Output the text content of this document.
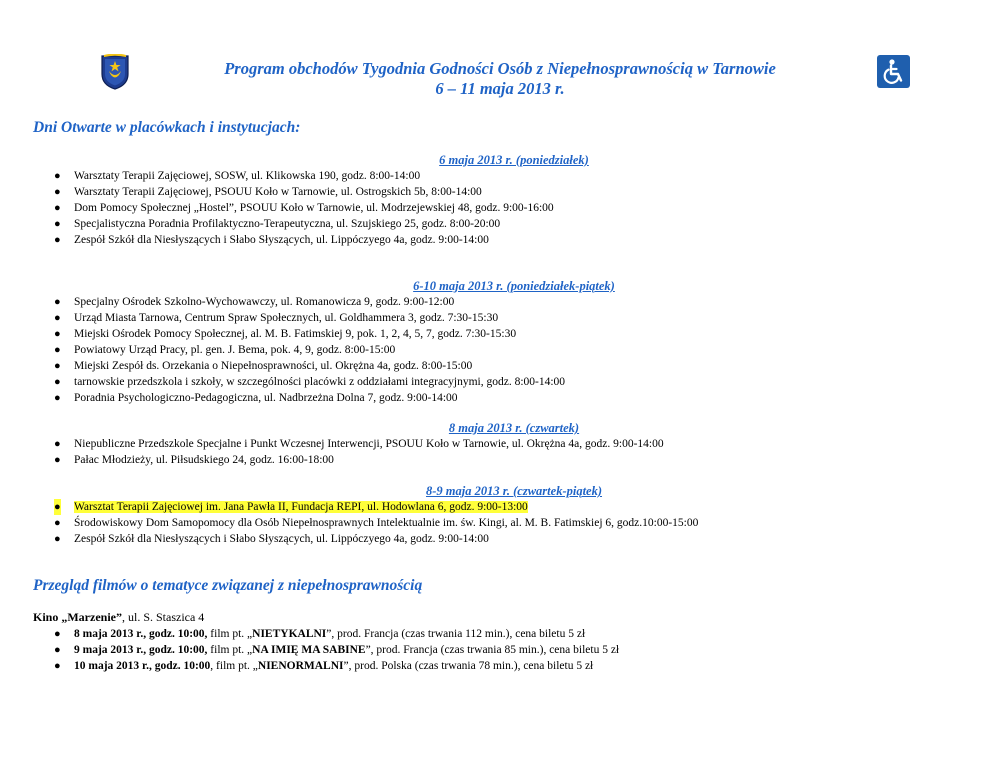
Program obchodów Tygodnia Godności Osób z Niepełnosprawnością w Tarnowie
6 – 11 maja 2013 r.
Dni Otwarte w placówkach i instytucjach:
6 maja 2013 r. (poniedziałek)
● Warsztaty Terapii Zajęciowej, SOSW, ul. Klikowska 190, godz. 8:00-14:00
● Warsztaty Terapii Zajęciowej, PSOUU Koło w Tarnowie, ul. Ostrogskich 5b, 8:00-14:00
● Dom Pomocy Społecznej „Hostel”, PSOUU Koło w Tarnowie, ul. Modrzejewskiej 48, godz. 9:00-16:00
● Specjalistyczna Poradnia Profilaktyczno-Terapeutyczna, ul. Szujskiego 25, godz. 8:00-20:00
● Zespół Szkół dla Niesłyszących i Słabo Słyszących, ul. Lippóczyego 4a, godz. 9:00-14:00
6-10 maja 2013 r. (poniedziałek-piątek)
● Specjalny Ośrodek Szkolno-Wychowawczy, ul. Romanowicza 9, godz. 9:00-12:00
● Urząd Miasta Tarnowa, Centrum Spraw Społecznych, ul. Goldhammera 3, godz. 7:30-15:30
● Miejski Ośrodek Pomocy Społecznej, al. M. B. Fatimskiej 9, pok. 1, 2, 4, 5, 7, godz. 7:30-15:30
● Powiatowy Urząd Pracy, pl. gen. J. Bema, pok. 4, 9, godz. 8:00-15:00
● Miejski Zespół ds. Orzekania o Niepełnosprawności, ul. Okrężna 4a, godz. 8:00-15:00
● tarnowskie przedszkola i szkoły, w szczególności placówki z oddziałami integracyjnymi, godz. 8:00-14:00
● Poradnia Psychologiczno-Pedagogiczna, ul. Nadbrzeżna Dolna 7, godz. 9:00-14:00
8 maja 2013 r. (czwartek)
● Niepubliczne Przedszkole Specjalne i Punkt Wczesnej Interwencji, PSOUU Koło w Tarnowie, ul. Okrężna 4a, godz. 9:00-14:00
● Pałac Młodzieży, ul. Piłsudskiego 24, godz. 16:00-18:00
8-9 maja 2013 r. (czwartek-piątek)
● Warsztat Terapii Zajęciowej im. Jana Pawła II, Fundacja REPI, ul. Hodowlana 6, godz. 9:00-13:00
● Środowiskowy Dom Samopomocy dla Osób Niepełnosprawnych Intelektualnie im. św. Kingi, al. M. B. Fatimskiej 6, godz.10:00-15:00
● Zespół Szkół dla Niesłyszących i Słabo Słyszących, ul. Lippóczyego 4a, godz. 9:00-14:00
Przegląd filmów o tematyce związanej z niepełnosprawnością
Kino „Marzenie”, ul. S. Staszica 4
● 8 maja 2013 r., godz. 10:00, film pt. „NIETYKALNI”, prod. Francja (czas trwania 112 min.), cena biletu 5 zł
● 9 maja 2013 r., godz. 10:00, film pt. „NA IMIĘ MA SABINE”, prod. Francja (czas trwania 85 min.), cena biletu 5 zł
● 10 maja 2013 r., godz. 10:00, film pt. „NIENORMALNI”, prod. Polska (czas trwania 78 min.), cena biletu 5 zł
